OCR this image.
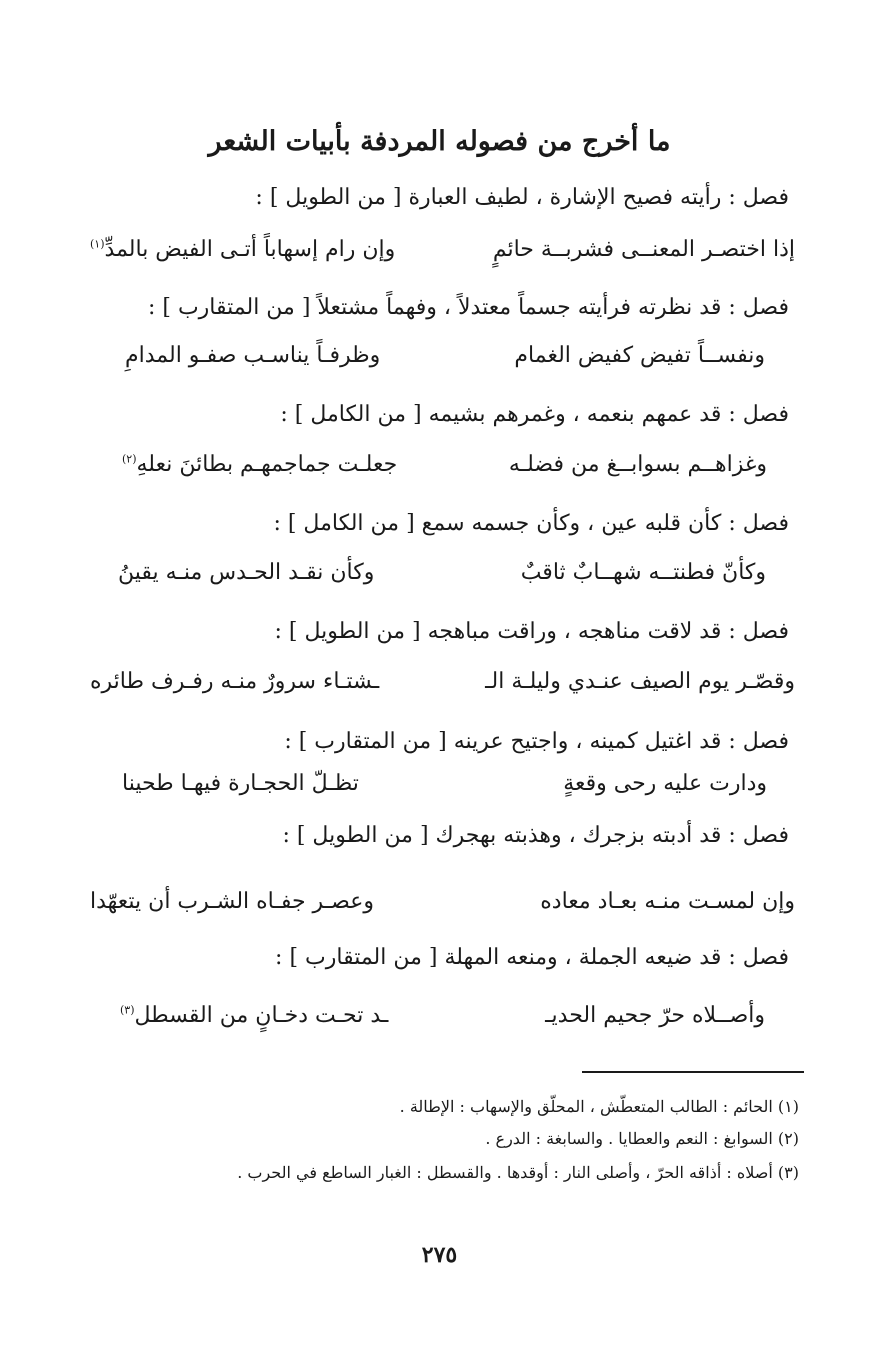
ما أخرج من فصوله المردفة بأبيات الشعر
فصل : رأيته فصيح الإشارة ، لطيف العبارة [ من الطويل ] :
إذا اختصـر المعنــى فشربــة حائمٍ
وإن رام إسهاباً أتـى الفيض بالمدِّ$^{(١)}$
فصل : قد نظرته فرأيته جسماً معتدلاً ، وفهماً مشتعلاً [ من المتقارب ] :
ونفســاً تفيض كفيض الغمام
وظرفـاً يناسـب صفـو المدامِ
فصل : قد عمهم بنعمه ، وغمرهم بشيمه [ من الكامل ] :
وغزاهــم بسوابــغ من فضلـه
جعلـت جماجمهـم بطائنَ نعلهِ$^{(٢)}$
فصل : كأن قلبه عين ، وكأن جسمه سمع [ من الكامل ] :
وكأنّ فطنتــه شهــابٌ ثاقبٌ
وكأن نقـد الحـدس منـه يقينُ
فصل : قد لاقت مناهجه ، وراقت مباهجه [ من الطويل ] :
وقصّـر يوم الصيف عنـدي وليلـة الـ
ـشتـاء سرورٌ منـه رفـرف طائره
فصل : قد اغتيل كمينه ، واجتيح عرينه [ من المتقارب ] :
ودارت عليه رحى وقعةٍ
تظـلّ الحجـارة فيهـا طحينا
فصل : قد أدبته بزجرك ، وهذبته بهجرك [ من الطويل ] :
وإن لمسـت منـه بعـاد معاده
وعصـر جفـاه الشـرب أن يتعهّدا
فصل : قد ضيعه الجملة ، ومنعه المهلة [ من المتقارب ] :
وأصــلاه حرّ جحيم الحديـ
ـد تحـت دخـانٍ من القسطل$^{(٣)}$
(١) الحائم : الطالب المتعطّش ، المحلّق والإسهاب : الإطالة .
(٢) السوابغ : النعم والعطايا . والسابغة : الدرع .
(٣) أصلاه : أذاقه الحرّ ، وأصلى النار : أوقدها . والقسطل : الغبار الساطع في الحرب .
٢٧٥
